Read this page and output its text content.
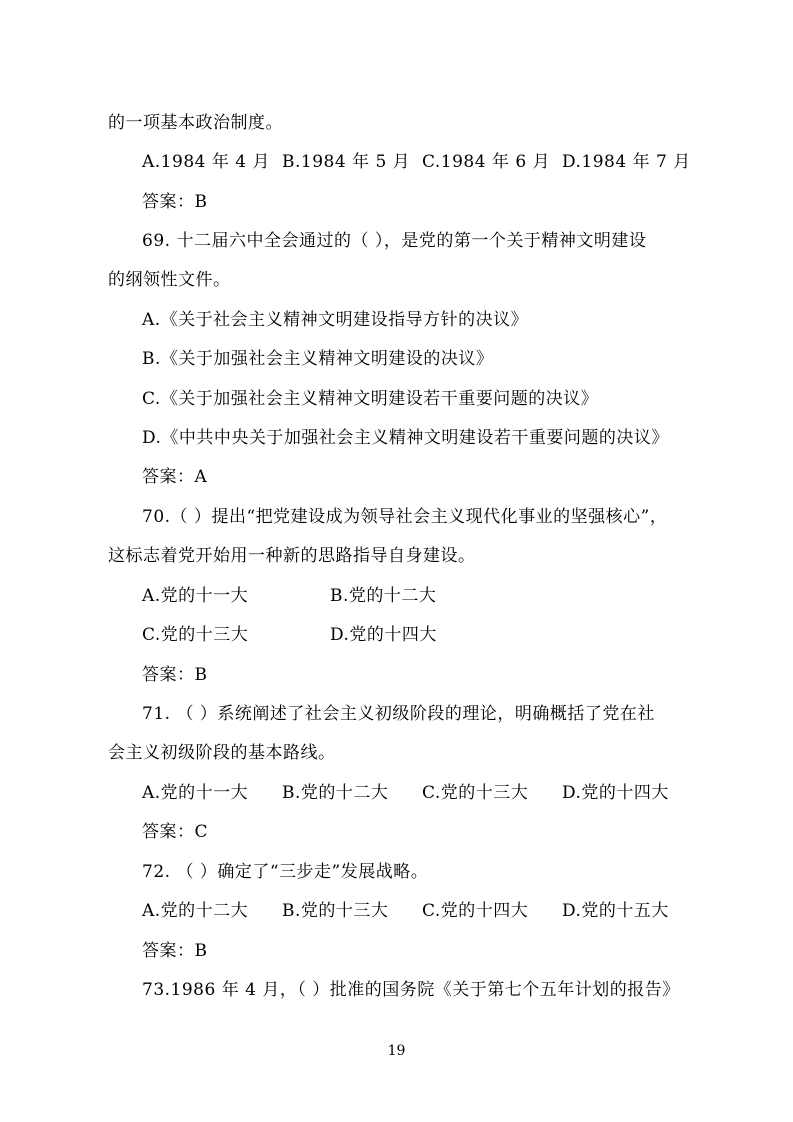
的一项基本政治制度。
A.1984 年 4 月 B.1984 年 5 月 C.1984 年 6 月 D.1984 年 7 月
答案：B
69. 十二届六中全会通过的（ ），是党的第一个关于精神文明建设
的纲领性文件。
A.《关于社会主义精神文明建设指导方针的决议》
B.《关于加强社会主义精神文明建设的决议》
C.《关于加强社会主义精神文明建设若干重要问题的决议》
D.《中共中央关于加强社会主义精神文明建设若干重要问题的决议》
答案：A
70.（ ）提出“把党建设成为领导社会主义现代化事业的坚强核心”，
这标志着党开始用一种新的思路指导自身建设。
A.党的十一大	B.党的十二大
C.党的十三大	D.党的十四大
答案：B
71. （ ）系统阐述了社会主义初级阶段的理论，明确概括了党在社
会主义初级阶段的基本路线。
A.党的十一大	B.党的十二大	C.党的十三大	D.党的十四大
答案：C
72. （ ）确定了“三步走”发展战略。
A.党的十二大	B.党的十三大	C.党的十四大	D.党的十五大
答案：B
73.1986 年 4 月，（ ）批准的国务院《关于第七个五年计划的报告》
19
